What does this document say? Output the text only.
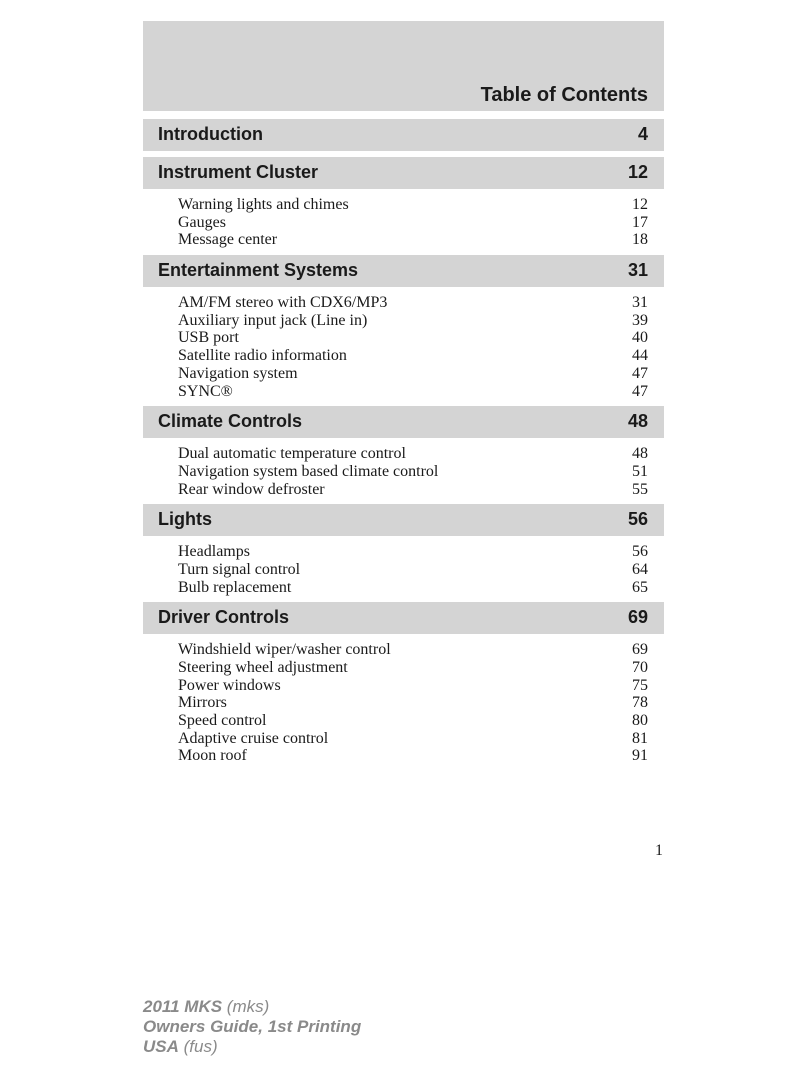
Table of Contents
Introduction	4
Instrument Cluster	12
Warning lights and chimes	12
Gauges	17
Message center	18
Entertainment Systems	31
AM/FM stereo with CDX6/MP3	31
Auxiliary input jack (Line in)	39
USB port	40
Satellite radio information	44
Navigation system	47
SYNC®	47
Climate Controls	48
Dual automatic temperature control	48
Navigation system based climate control	51
Rear window defroster	55
Lights	56
Headlamps	56
Turn signal control	64
Bulb replacement	65
Driver Controls	69
Windshield wiper/washer control	69
Steering wheel adjustment	70
Power windows	75
Mirrors	78
Speed control	80
Adaptive cruise control	81
Moon roof	91
1
2011 MKS (mks)
Owners Guide, 1st Printing
USA (fus)
